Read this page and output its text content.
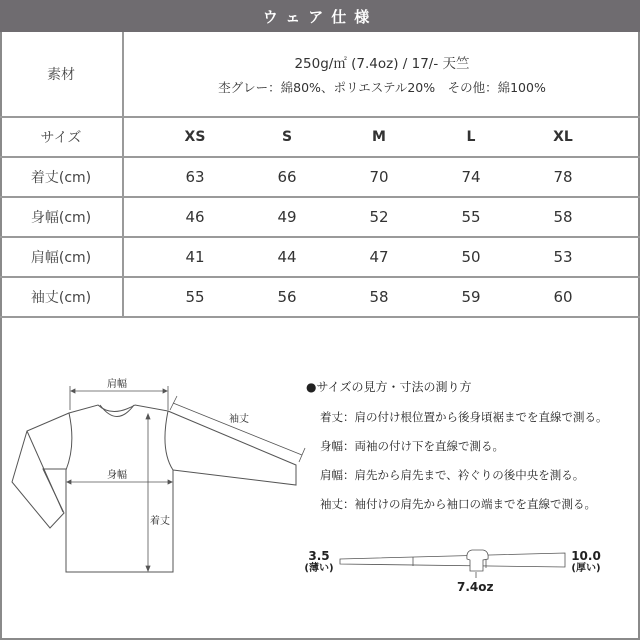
ウェア仕様
素材
250g/㎡ (7.4oz) / 17/- 天竺
杢グレー：綿80%、ポリエステル20%　その他：綿100%
サイズ	XS	S	M	L	XL
着丈(cm)	63	66	70	74	78
身幅(cm)	46	49	52	55	58
肩幅(cm)	41	44	47	50	53
袖丈(cm)	55	56	58	59	60
肩幅
袖丈
身幅
着丈
●サイズの見方・寸法の測り方
着丈：肩の付け根位置から後身頃裾までを直線で測る。
身幅：両袖の付け下を直線で測る。
肩幅：肩先から肩先まで、衿ぐりの後中央を測る。
袖丈：袖付けの肩先から袖口の端までを直線で測る。
3.5
(薄い)
10.0
(厚い)
7.4oz
